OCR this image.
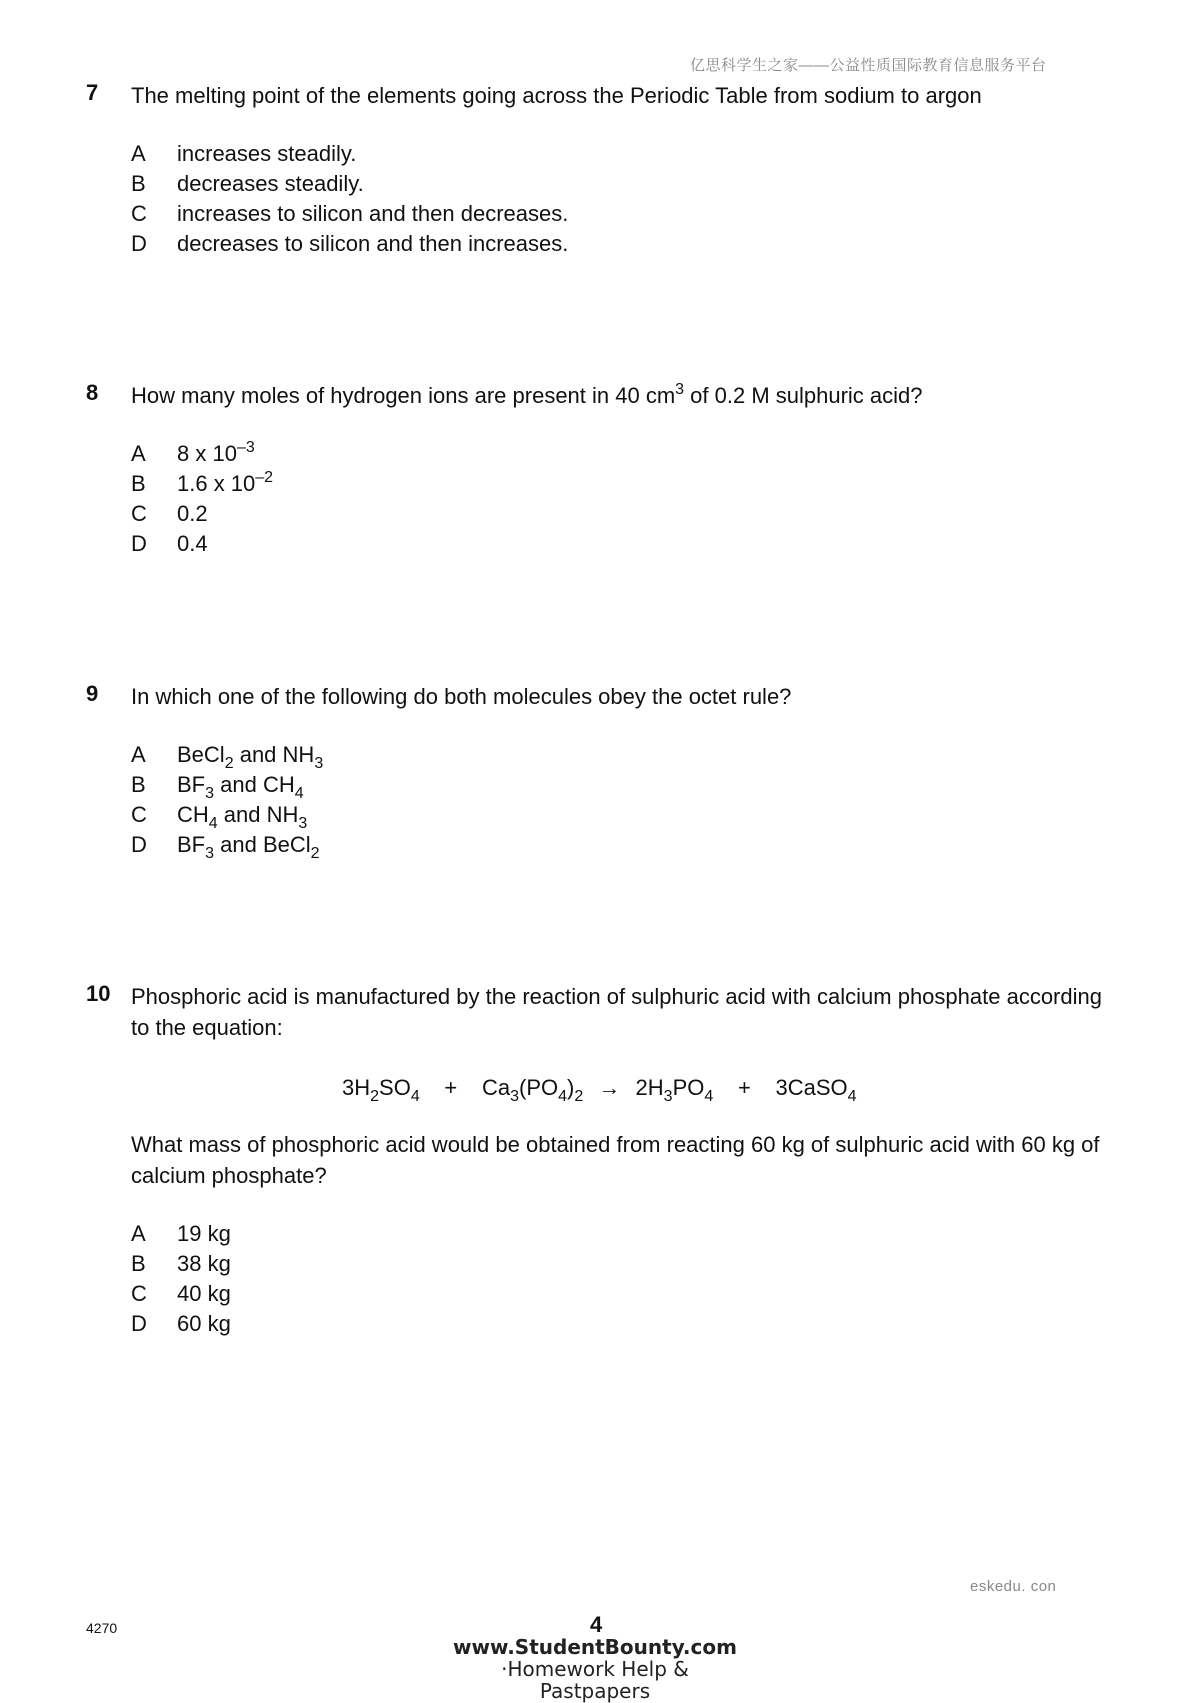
亿思科学生之家——公益性质国际教育信息服务平台
7 The melting point of the elements going across the Periodic Table from sodium to argon
A	increases steadily.
B	decreases steadily.
C	increases to silicon and then decreases.
D	decreases to silicon and then increases.
8 How many moles of hydrogen ions are present in 40 $cm^3$ of 0.2 M sulphuric acid?
A	8 x $10^{-3}$
B	1.6 x $10^{-2}$
C	0.2
D	0.4
9 In which one of the following do both molecules obey the octet rule?
A	BeCl$_2$ and $NH_3$
B	$BF_3$ and $CH_4$
C	$CH_4$ and $NH_3$
D	$BF_3$ and BeCl$_2$
10 Phosphoric acid is manufactured by the reaction of sulphuric acid with calcium phosphate according to the equation:
$3H_2SO_4 + Ca_3(PO_4)_2 \to 2H_3PO_4$ + 3CaSO$_4$
What mass of phosphoric acid would be obtained from reacting 60 kg of sulphuric acid with 60 kg of calcium phosphate?
A	19 kg
B	38 kg
C	40 kg
D	60 kg
eskedu. con
4270	4
www.StudentBounty.com
·Homework Help & Pastpapers
